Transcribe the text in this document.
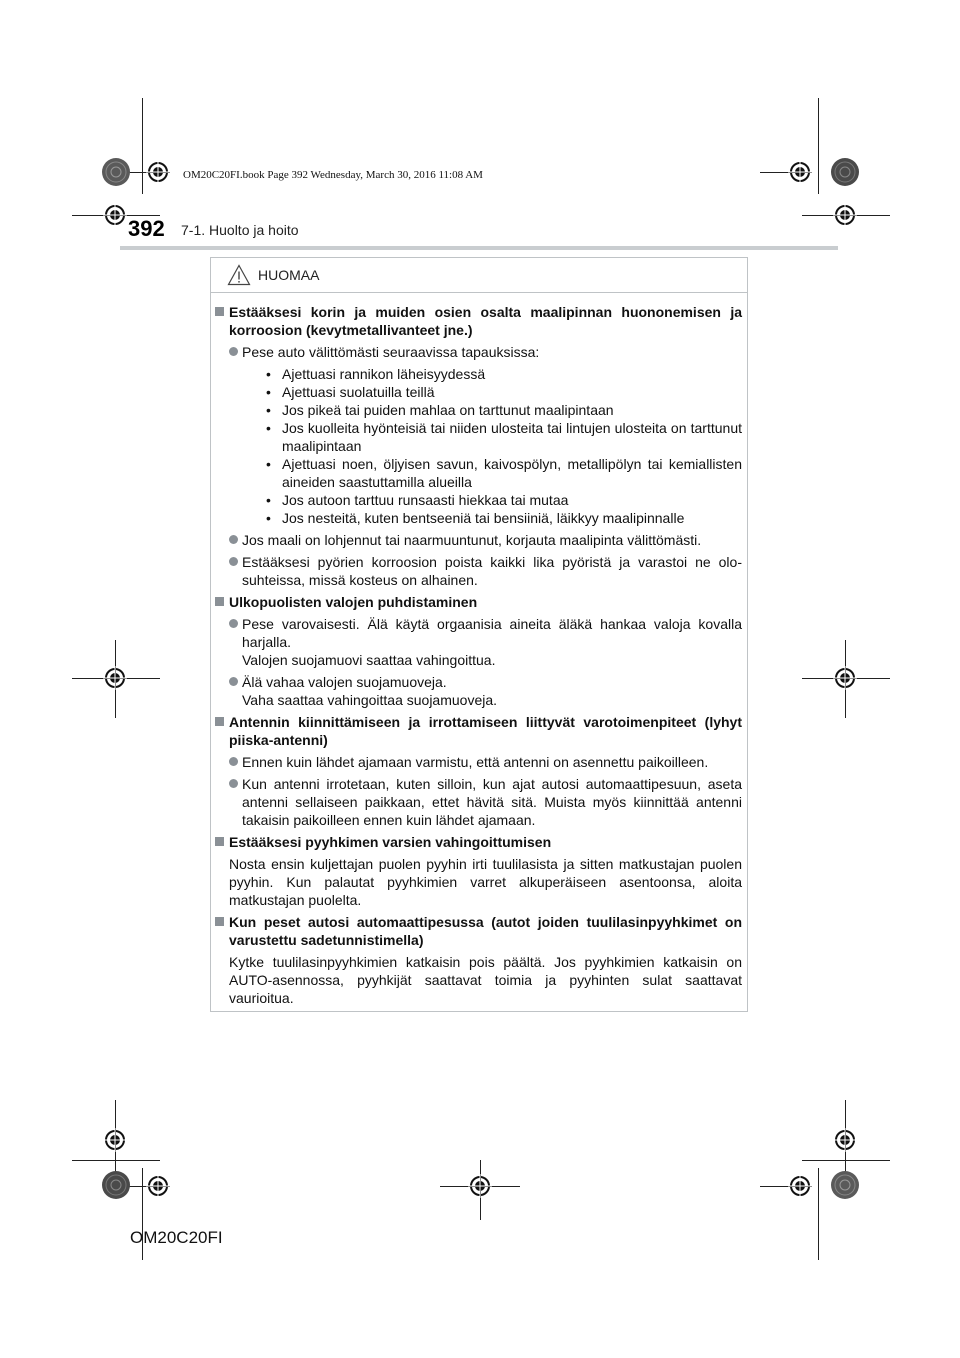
OM20C20FI.book Page 392 Wednesday, March 30, 2016 11:08 AM
392 7-1. Huolto ja hoito
HUOMAA
Estääksesi korin ja muiden osien osalta maalipinnan huononemisen ja korroosion (kevytmetallivanteet jne.)
Pese auto välittömästi seuraavissa tapauksissa:
• Ajettuasi rannikon läheisyydessä
• Ajettuasi suolatuilla teillä
• Jos pikeä tai puiden mahlaa on tarttunut maalipintaan
• Jos kuolleita hyönteisiä tai niiden ulosteita tai lintujen ulosteita on tarttunut maalipintaan
• Ajettuasi noen, öljyisen savun, kaivospölyn, metallipölyn tai kemiallisten aineiden saastuttamilla alueilla
• Jos autoon tarttuu runsaasti hiekkaa tai mutaa
• Jos nesteitä, kuten bentseeniä tai bensiiniä, läikkyy maalipinnalle
Jos maali on lohjennut tai naarmuuntunut, korjauta maalipinta välittömästi.
Estääksesi pyörien korroosion poista kaikki lika pyöristä ja varastoi ne olosuhteissa, missä kosteus on alhainen.
Ulkopuolisten valojen puhdistaminen
Pese varovaisesti. Älä käytä orgaanisia aineita äläkä hankaa valoja kovalla harjalla.
Valojen suojamuovi saattaa vahingoittua.
Älä vahaa valojen suojamuoveja.
Vaha saattaa vahingoittaa suojamuoveja.
Antennin kiinnittämiseen ja irrottamiseen liittyvät varotoimenpiteet (lyhyt piiska-antenni)
Ennen kuin lähdet ajamaan varmistu, että antenni on asennettu paikoilleen.
Kun antenni irrotetaan, kuten silloin, kun ajat autosi automaattipesuun, aseta antenni sellaiseen paikkaan, ettet hävitä sitä. Muista myös kiinnittää antenni takaisin paikoilleen ennen kuin lähdet ajamaan.
Estääksesi pyyhkimen varsien vahingoittumisen
Nosta ensin kuljettajan puolen pyyhin irti tuulilasista ja sitten matkustajan puolen pyyhin. Kun palautat pyyhkimien varret alkuperäiseen asentoonsa, aloita matkustajan puolelta.
Kun peset autosi automaattipesussa (autot joiden tuulilasinpyyhkimet on varustettu sadetunnistimella)
Kytke tuulilasinpyyhkimien katkaisin pois päältä. Jos pyyhkimien katkaisin on AUTO-asennossa, pyyhkijät saattavat toimia ja pyyhinten sulat saattavat vaurioitua.
OM20C20FI
